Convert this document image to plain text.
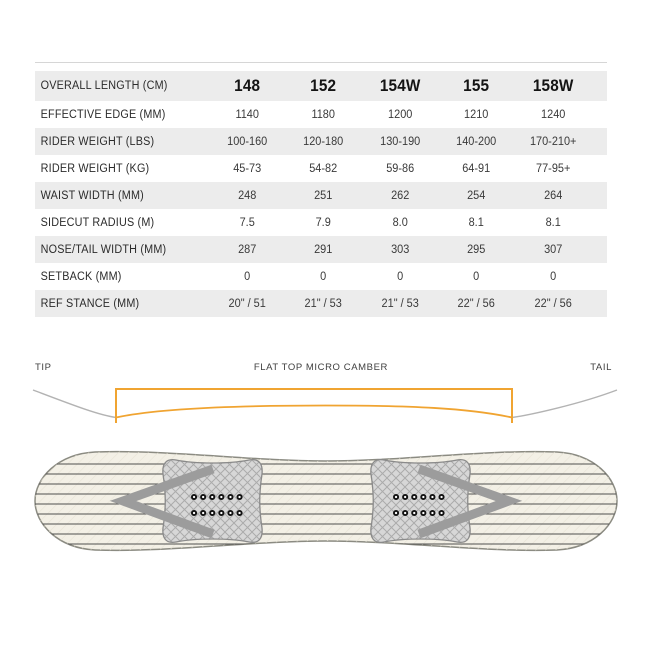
OVERALL LENGTH (CM)	148	152	154W	155	158W
EFFECTIVE EDGE (MM)	1140	1180	1200	1210	1240
RIDER WEIGHT (LBS)	100-160	120-180	130-190	140-200	170-210+
RIDER WEIGHT (KG)	45-73	54-82	59-86	64-91	77-95+
WAIST WIDTH (MM)	248	251	262	254	264
SIDECUT RADIUS (M)	7.5	7.9	8.0	8.1	8.1
NOSE/TAIL WIDTH (MM)	287	291	303	295	307
SETBACK (MM)	0	0	0	0	0
REF STANCE (MM)	20" / 51	21" / 53	21" / 53	22" / 56	22" / 56
TIP	FLAT TOP MICRO CAMBER	TAIL
